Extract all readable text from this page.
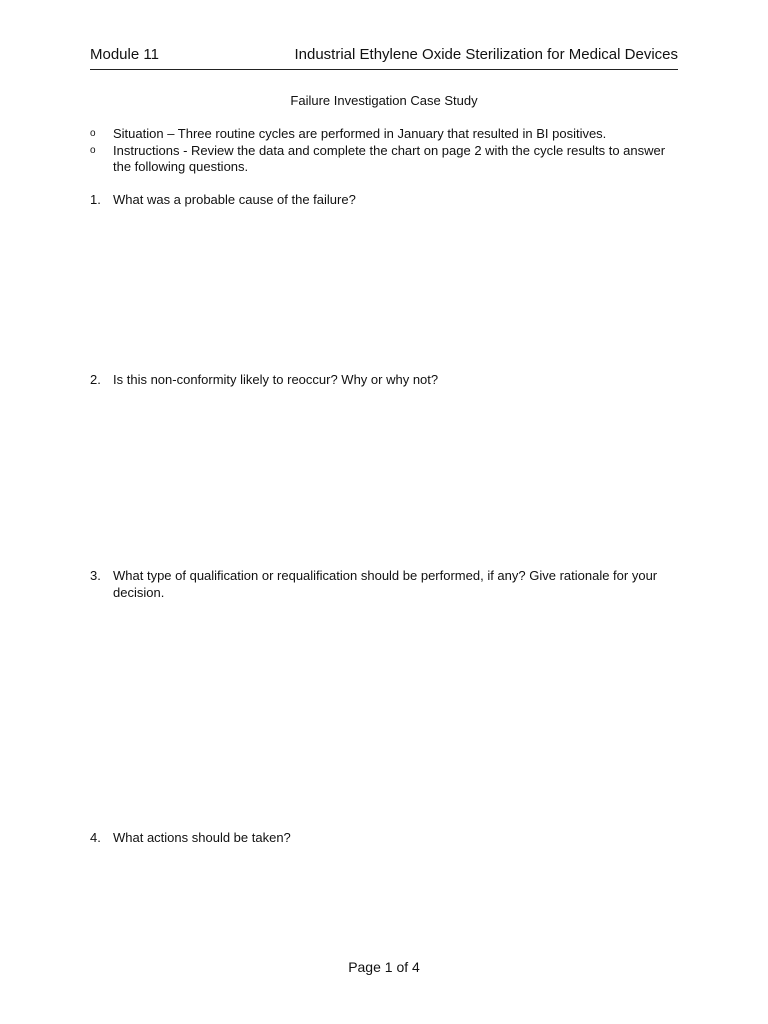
Module 11	Industrial Ethylene Oxide Sterilization for Medical Devices
Failure Investigation Case Study
o	Situation – Three routine cycles are performed in January that resulted in BI positives.
o	Instructions - Review the data and complete the chart on page 2 with the cycle results to answer the following questions.
1. What was a probable cause of the failure?
2. Is this non-conformity likely to reoccur? Why or why not?
3. What type of qualification or requalification should be performed, if any? Give rationale for your decision.
4. What actions should be taken?
Page 1 of 4
